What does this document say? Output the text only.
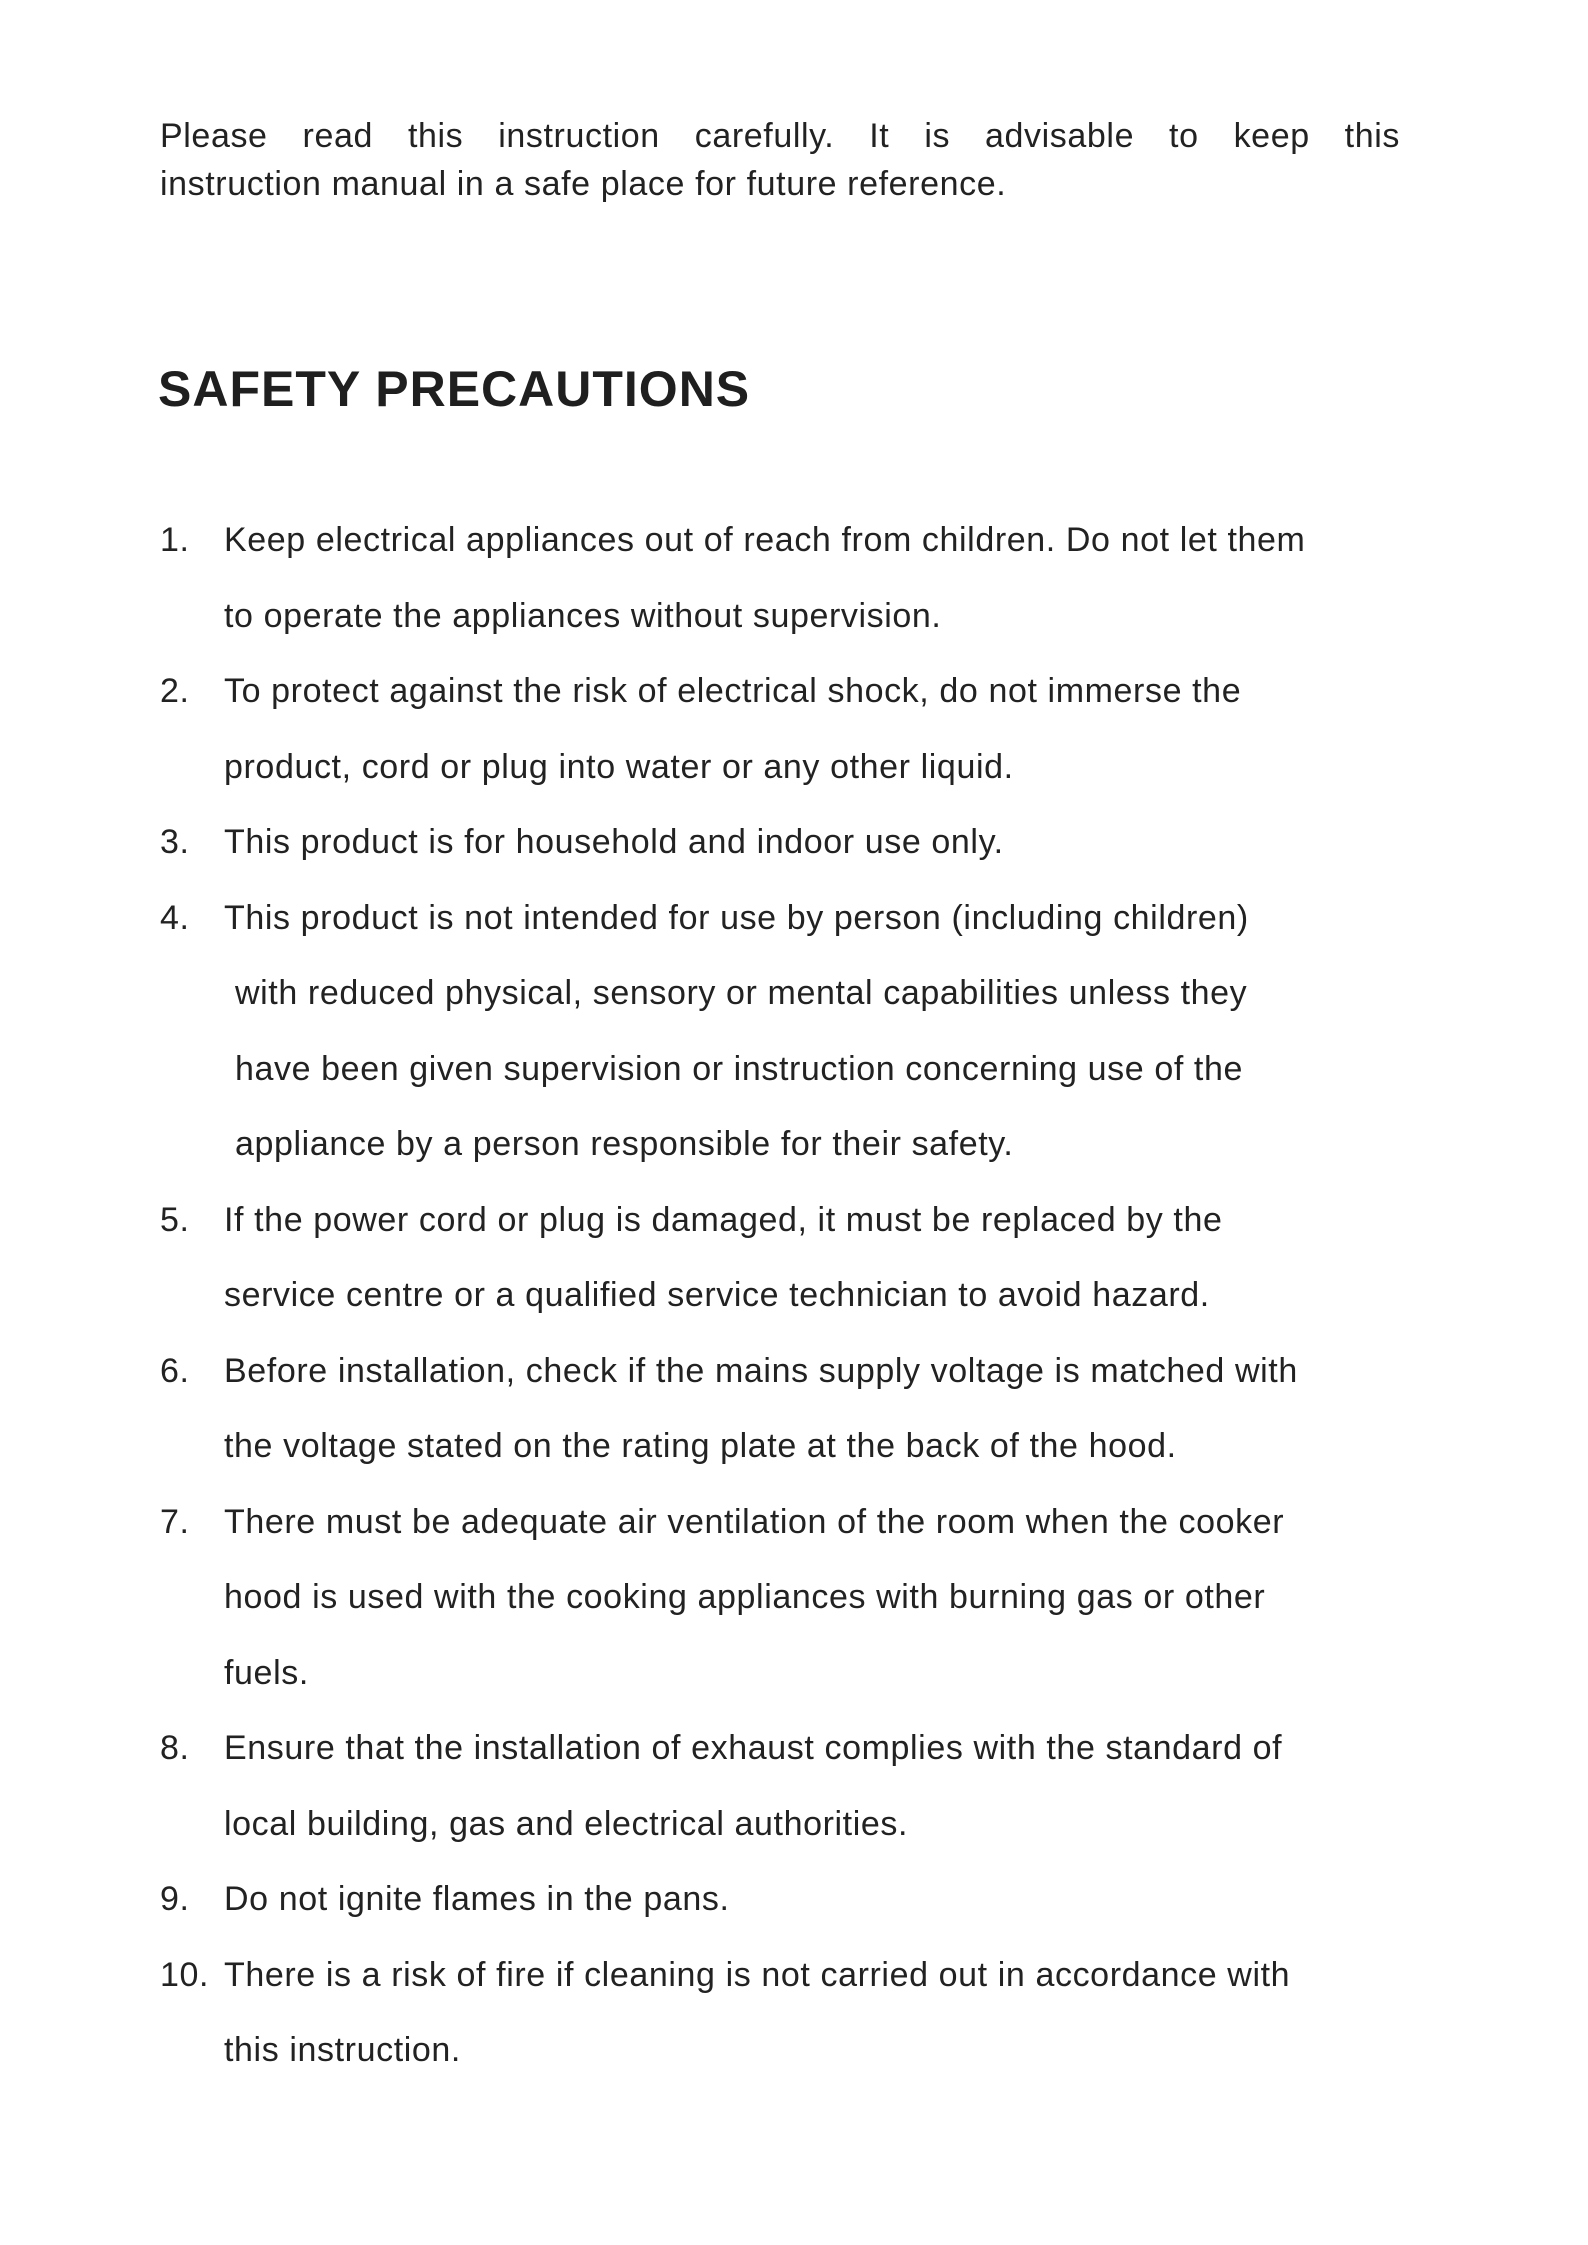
Please read this instruction carefully. It is advisable to keep this
instruction manual in a safe place for future reference.

SAFETY PRECAUTIONS
1.	Keep electrical appliances out of reach from children. Do not let them
to operate the appliances without supervision.
2.	To protect against the risk of electrical shock, do not immerse the
product, cord or plug into water or any other liquid.
3.	This product is for household and indoor use only.
4.	This product is not intended for use by person (including children)
with reduced physical, sensory or mental capabilities unless they
have been given supervision or instruction concerning use of the
appliance by a person responsible for their safety.
5.	If the power cord or plug is damaged, it must be replaced by the
service centre or a qualified service technician to avoid hazard.
6.	Before installation, check if the mains supply voltage is matched with
the voltage stated on the rating plate at the back of the hood.
7.	There must be adequate air ventilation of the room when the cooker
hood is used with the cooking appliances with burning gas or other
fuels.
8.	Ensure that the installation of exhaust complies with the standard of
local building, gas and electrical authorities.
9.	Do not ignite flames in the pans.
10. There is a risk of fire if cleaning is not carried out in accordance with
this instruction.
